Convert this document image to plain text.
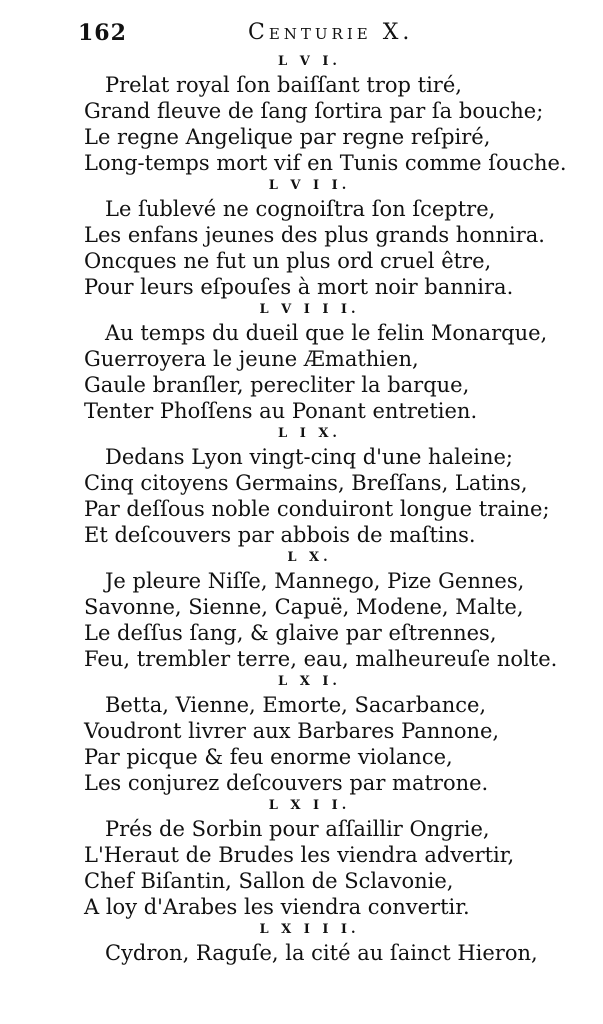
162	Centurie X.
L V I.
Prelat royal ſon baiſſant trop tiré,
Grand fleuve de ſang ſortira par ſa bouche;
Le regne Angelique par regne reſpiré,
Long-temps mort vif en Tunis comme ſouche.
L V I I.
Le ſublevé ne cognoiſtra ſon ſceptre,
Les enfans jeunes des plus grands honnira.
Oncques ne fut un plus ord cruel être,
Pour leurs eſpouſes à mort noir bannira.
L V I I I.
Au temps du dueil que le felin Monarque,
Guerroyera le jeune Æmathien,
Gaule branſler, perecliter la barque,
Tenter Phoſſens au Ponant entretien.
L I X.
Dedans Lyon vingt-cinq d'une haleine;
Cinq citoyens Germains, Breſſans, Latins,
Par deſſous noble conduiront longue traine;
Et deſcouvers par abbois de maſtins.
L X.
Je pleure Niſſe, Mannego, Pize Gennes,
Savonne, Sienne, Capuë, Modene, Malte,
Le deſſus ſang, & glaive par eſtrennes,
Feu, trembler terre, eau, malheureuſe nolte.
L X I.
Betta, Vienne, Emorte, Sacarbance,
Voudront livrer aux Barbares Pannone,
Par picque & feu enorme violance,
Les conjurez deſcouvers par matrone.
L X I I.
Prés de Sorbin pour aſſaillir Ongrie,
L'Heraut de Brudes les viendra advertir,
Chef Biſantin, Sallon de Sclavonie,
A loy d'Arabes les viendra convertir.
L X I I I.
Cydron, Raguſe, la cité au ſainct Hieron,
